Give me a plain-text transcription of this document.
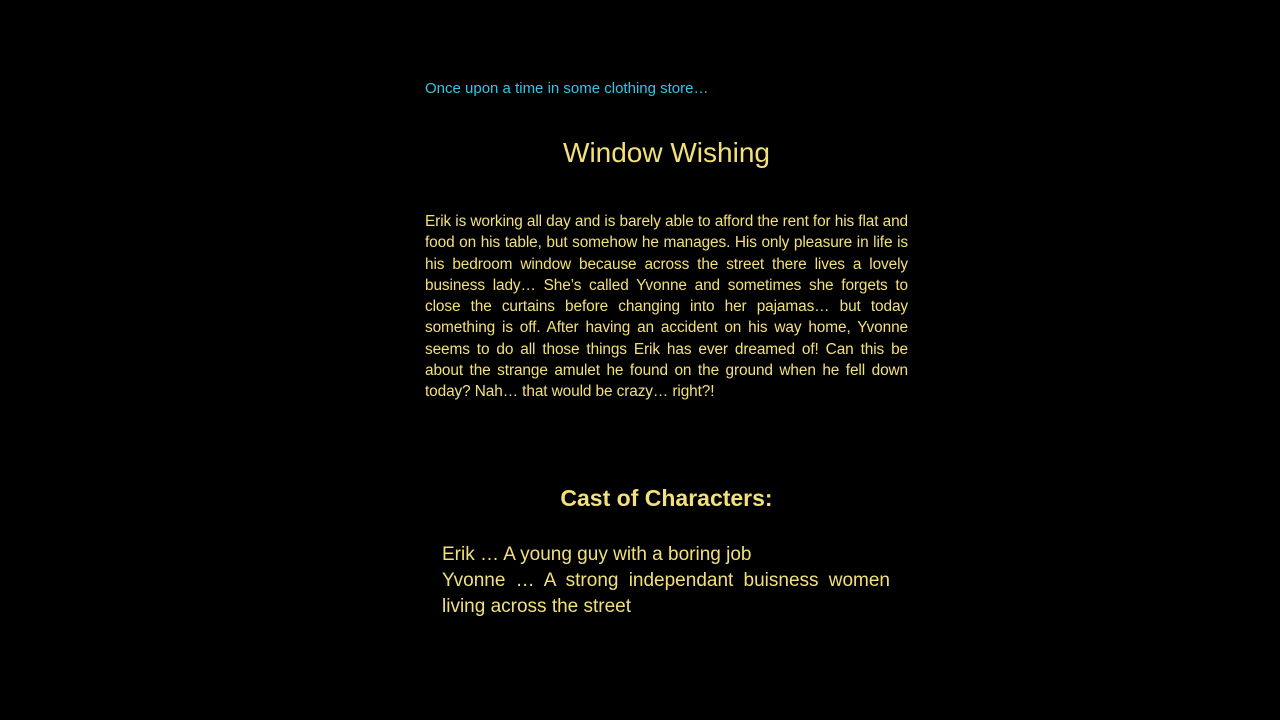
Once upon a time in some clothing store…
Window Wishing

Erik is working all day and is barely able to afford the rent for his flat and food on his table, but somehow he manages. His only pleasure in life is his bedroom window because across the street there lives a lovely business lady… She’s called Yvonne and sometimes she forgets to close the curtains before changing into her pajamas… but today something is off. After having an accident on his way home, Yvonne seems to do all those things Erik has ever dreamed of! Can this be about the strange amulet he found on the ground when he fell down today? Nah… that would be crazy… right?!

Cast of Characters:
Erik … A young guy with a boring job
Yvonne … A strong independant buisness women living across the street
